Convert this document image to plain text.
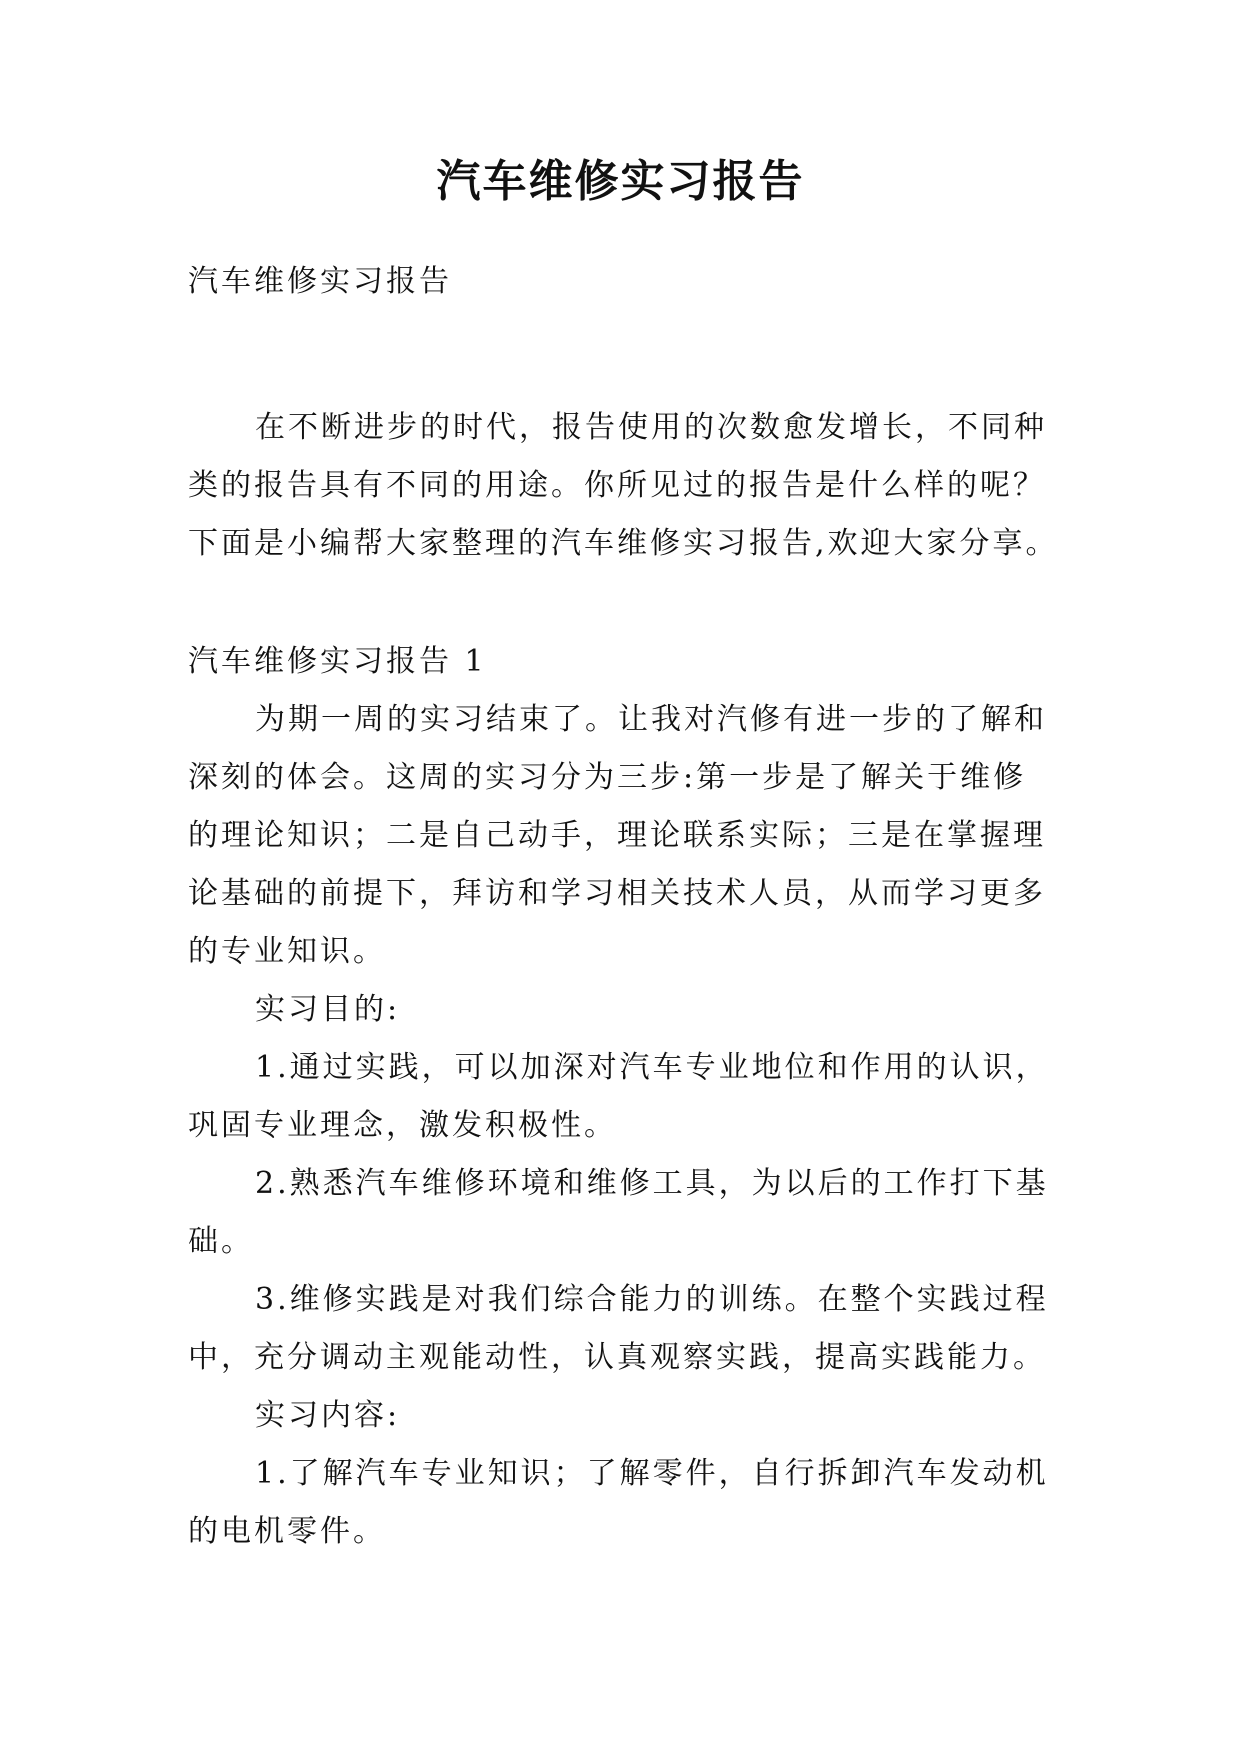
汽车维修实习报告

汽车维修实习报告

在不断进步的时代，报告使用的次数愈发增长，不同种

类的报告具有不同的用途。你所见过的报告是什么样的呢？

下面是小编帮大家整理的汽车维修实习报告,欢迎大家分享。

汽车维修实习报告 1

为期一周的实习结束了。让我对汽修有进一步的了解和

深刻的体会。这周的实习分为三步:第一步是了解关于维修

的理论知识；二是自己动手，理论联系实际；三是在掌握理

论基础的前提下，拜访和学习相关技术人员，从而学习更多

的专业知识。

实习目的:

1.通过实践，可以加深对汽车专业地位和作用的认识，

巩固专业理念，激发积极性。

2.熟悉汽车维修环境和维修工具，为以后的工作打下基

础。

3.维修实践是对我们综合能力的训练。在整个实践过程

中，充分调动主观能动性，认真观察实践，提高实践能力。

实习内容:

1.了解汽车专业知识；了解零件，自行拆卸汽车发动机

的电机零件。
